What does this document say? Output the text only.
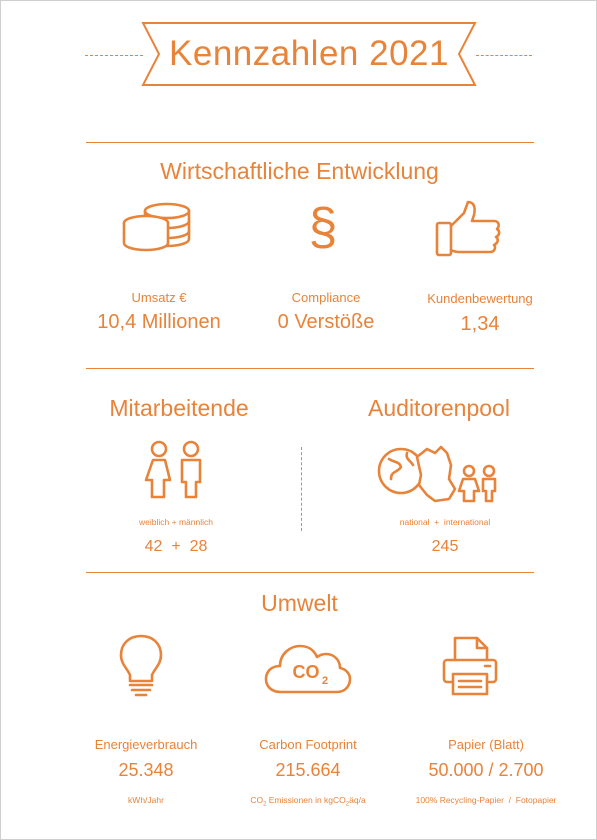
Kennzahlen 2021
Wirtschaftliche Entwicklung
§
Umsatz €
10,4 Millionen
Compliance
0 Verstöße
Kundenbewertung
1,34
Mitarbeitende	Auditorenpool
weiblich + männlich
42  +  28
national  +  international
245
Umwelt
CO 2
Energieverbrauch
25.348
kWh/Jahr
Carbon Footprint
215.664
$CO_2$ Emissionen in kgCO$_2$äq/a
Papier (Blatt)
50.000 / 2.700
100% Recycling-Papier  /  Fotopapier
